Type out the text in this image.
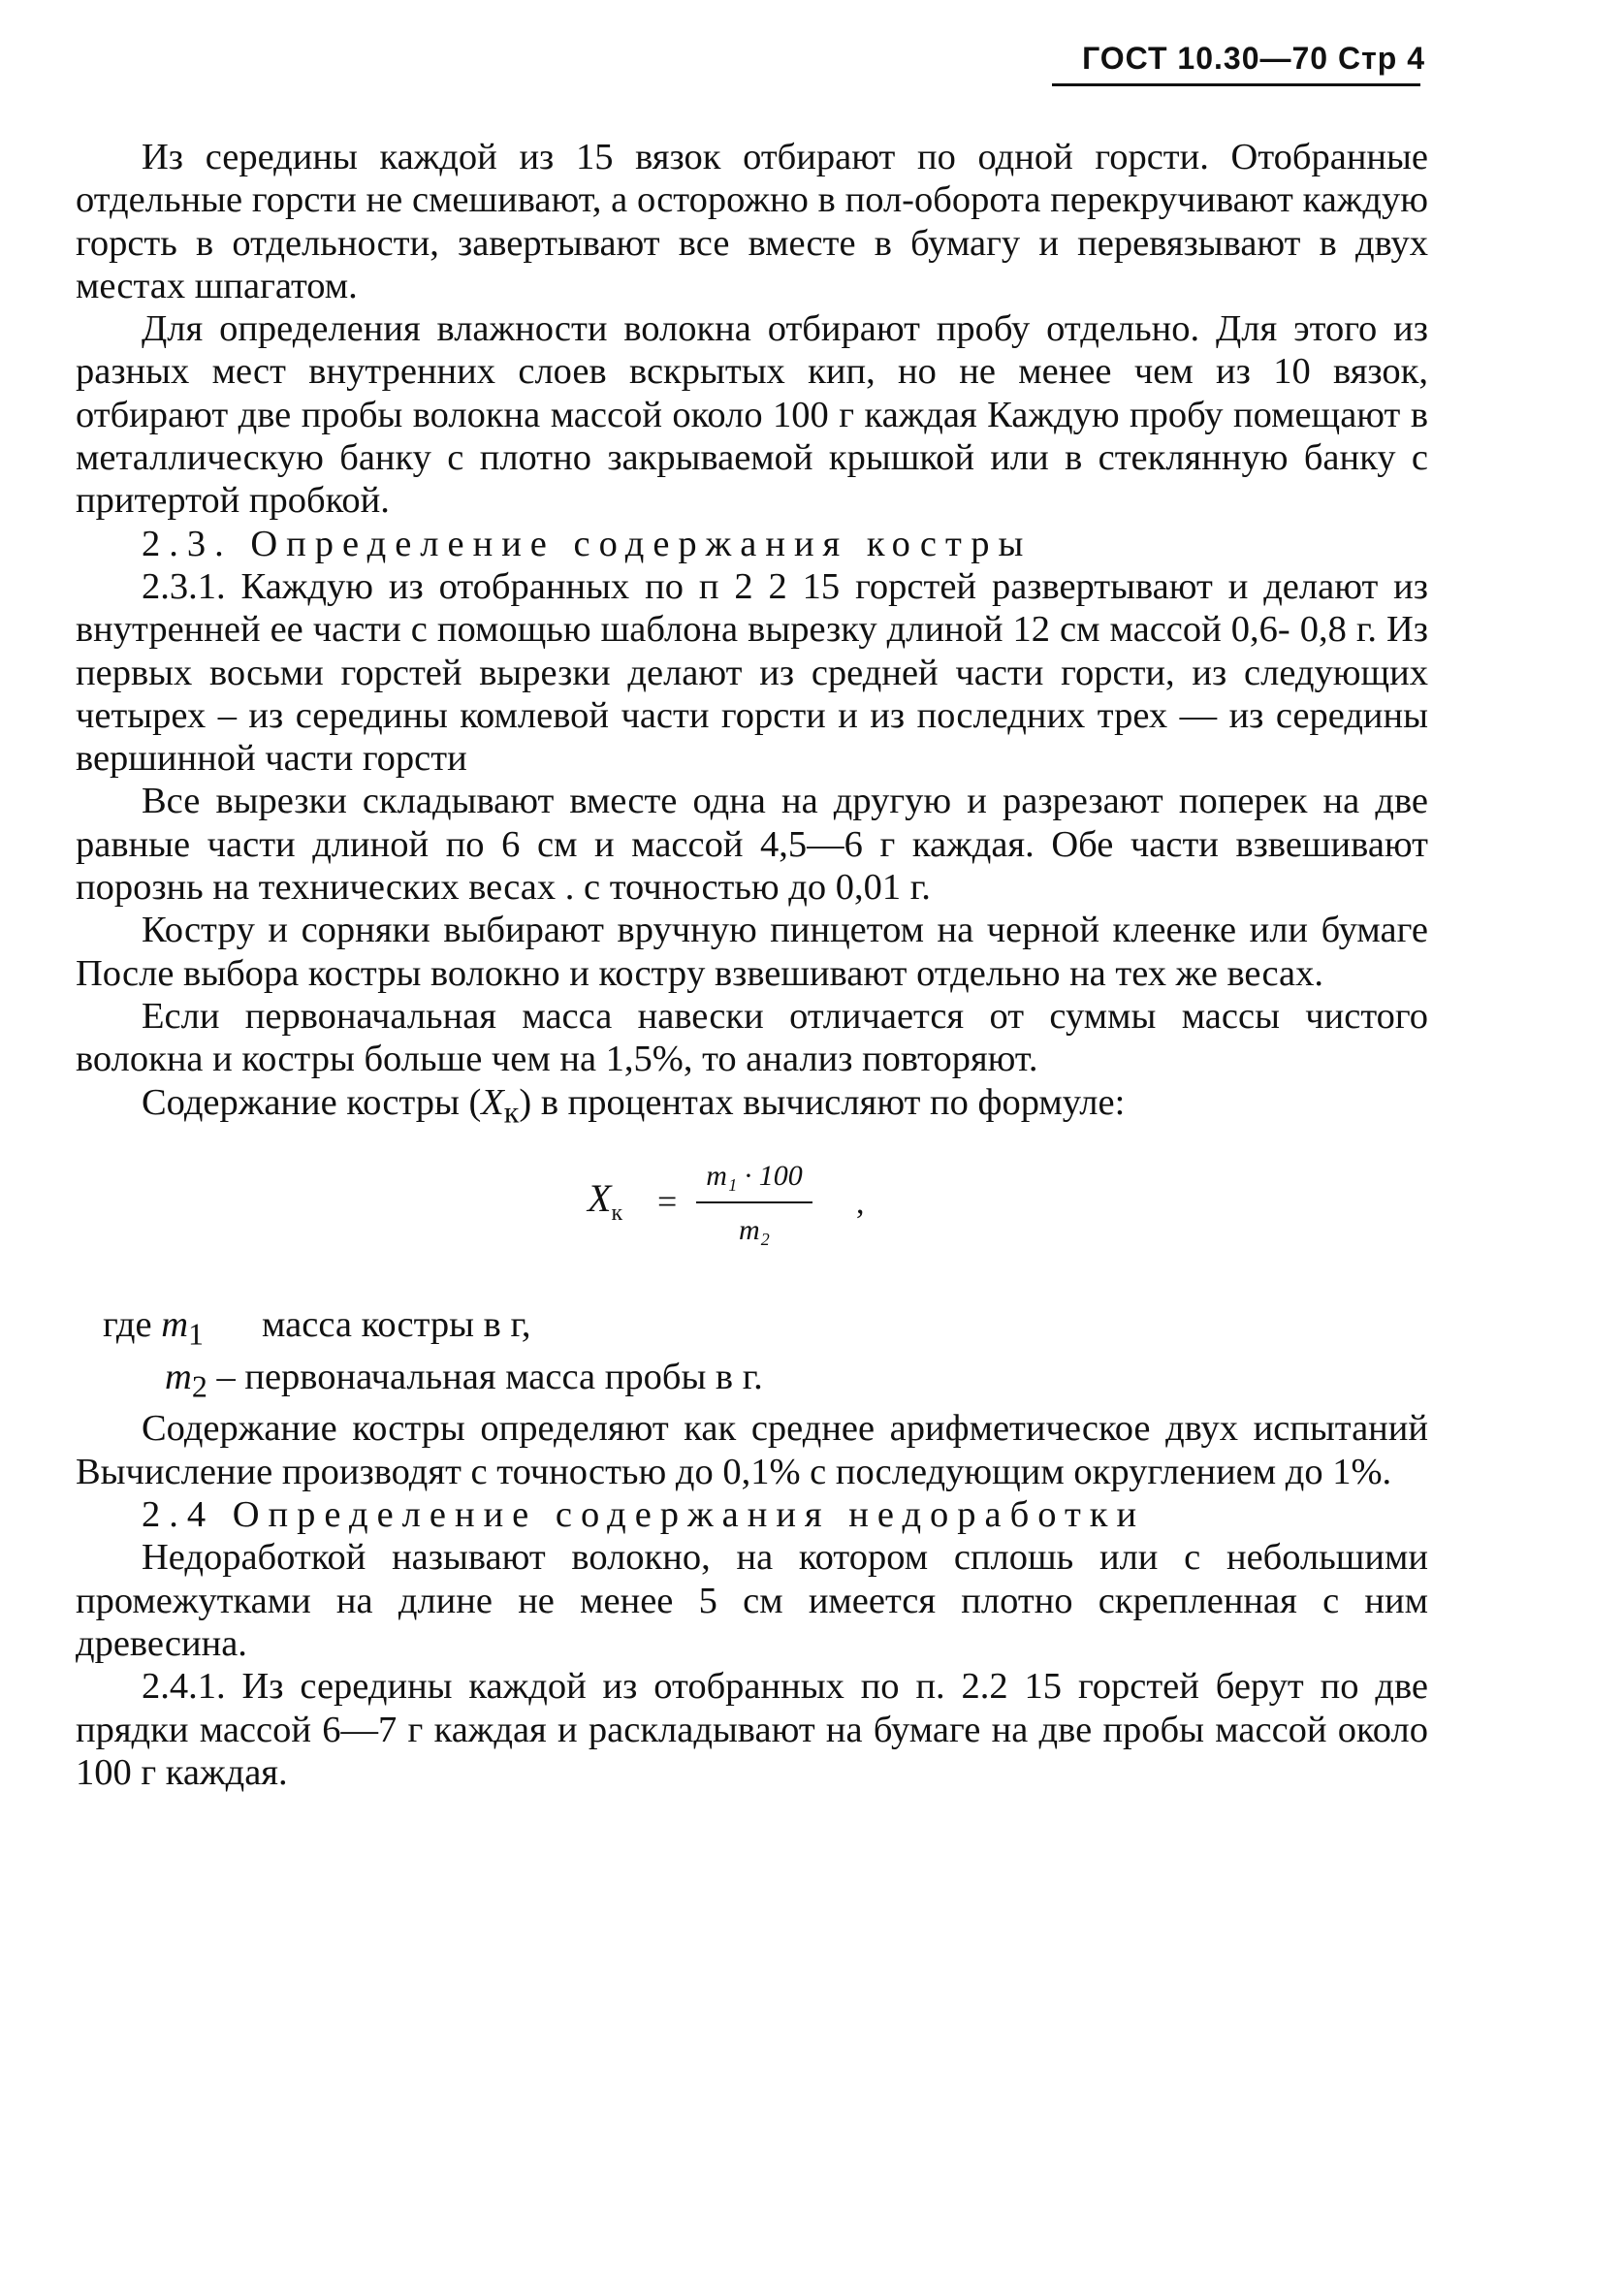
ГОСТ 10.30—70 Стр 4

Из середины каждой из 15 вязок отбирают по одной горсти. Отобранные отдельные горсти не смешивают, а осторожно в пол-оборота перекручивают каждую горсть в отдельности, завертывают все вместе в бумагу и перевязывают в двух местах шпагатом.

Для определения влажности волокна отбирают пробу отдельно. Для этого из разных мест внутренних слоев вскрытых кип, но не менее чем из 10 вязок, отбирают две пробы волокна массой около 100 г каждая Каждую пробу помещают в металлическую банку с плотно закрываемой крышкой или в стеклянную банку с притертой пробкой.

2.3. Определение содержания костры

2.3.1. Каждую из отобранных по п 2 2 15 горстей развертывают и делают из внутренней ее части с помощью шаблона вырезку длиной 12 см массой 0,6- 0,8 г. Из первых восьми горстей вырезки делают из средней части горсти, из следующих четырех – из середины комлевой части горсти и из последних трех — из середины вершинной части горсти

Все вырезки складывают вместе одна на другую и разрезают поперек на две равные части длиной по 6 см и массой 4,5—6 г каждая. Обе части взвешивают порознь на технических весах . с точностью до 0,01 г.

Кострy и сорняки выбирают вручную пинцетом на черной клеенке или бумаге После выбора костры волокно и кострy взвешивают отдельно на тех же весах.

Если первоначальная масса навески отличается от суммы массы чистого волокна и костры больше чем на 1,5%, то анализ повторяют.

Содержание костры $(X_к)$ в процентах вычисляют по формуле:

$X_к$ =
m₁ · 100
m₂
,

где $m_1$ масса костры в г,

$m_2$ – первоначальная масса пробы в г.

Содержание костры определяют как среднее арифметическое двух испытаний Вычисление производят с точностью до 0,1% с последующим округлением до 1%.

2.4 Определение содержания недоработки

Недоработкой называют волокно, на котором сплошь или с небольшими промежутками на длине не менее 5 см имеется плотно скрепленная с ним древесина.

2.4.1. Из середины каждой из отобранных по п. 2.2 15 горстей берут по две прядки массой 6—7 г каждая и раскладывают на бумаге на две пробы массой около 100 г каждая.
